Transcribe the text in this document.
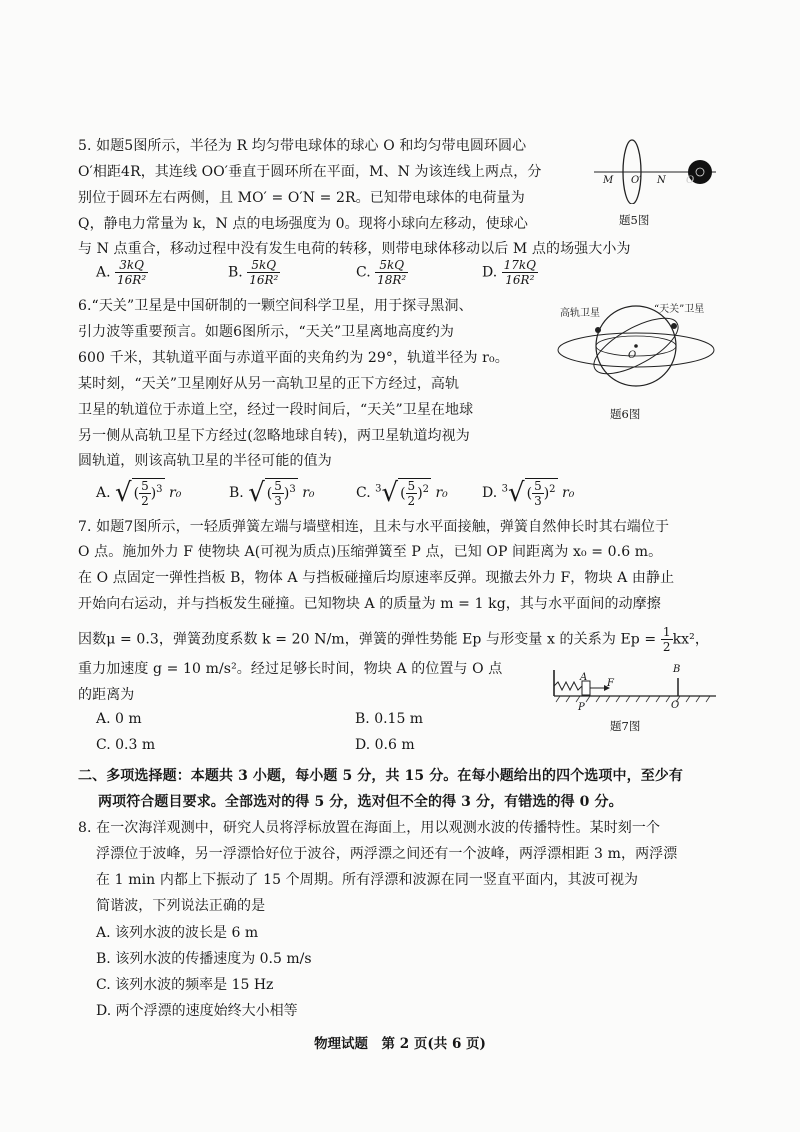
5. 如题5图所示，半径为 R 均匀带电球体的球心 O 和均匀带电圆环圆心
O′相距4R，其连线 OO′垂直于圆环所在平面，M、N 为该连线上两点，分
别位于圆环左右两侧，且 MO′ = O′N = 2R。已知带电球体的电荷量为
Q，静电力常量为 k，N 点的电场强度为 0。现将小球向左移动，使球心
与 N 点重合，移动过程中没有发生电荷的转移，则带电球体移动以后 M 点的场强大小为
A. $\frac{3kQ}{\text{16R²}}$	B. $\frac{5kQ}{\text{16R²}}$	C. $\frac{5kQ}{\text{18R²}}$	D. $\frac{17kQ}{\text{16R²}}$
M O′ N O
题5图
6.“天关”卫星是中国研制的一颗空间科学卫星，用于探寻黑洞、
引力波等重要预言。如题6图所示，“天关”卫星离地高度约为
600 千米，其轨道平面与赤道平面的夹角约为 29°，轨道半径为 r₀。
某时刻，“天关”卫星刚好从另一高轨卫星的正下方经过，高轨
卫星的轨道位于赤道上空，经过一段时间后，“天关”卫星在地球
另一侧从高轨卫星下方经过(忽略地球自转)，两卫星轨道均视为
圆轨道，则该高轨卫星的半径可能的值为
A. √ ( $\frac{5}{2} )^3$ r₀	B. √ ( $\frac{5}{3} )^3$ r₀	C. $^3$√ ( $\frac{5}{2} )^2$ r₀ D. $^3$√ ( $\frac{5}{3} )^2$ r₀
高轨卫星	“天关”卫星
O
题6图
7. 如题7图所示，一轻质弹簧左端与墙壁相连，且未与水平面接触，弹簧自然伸长时其右端位于
O 点。施加外力 F 使物块 A(可视为质点)压缩弹簧至 P 点，已知 OP 间距离为 x₀ = 0.6 m。
在 O 点固定一弹性挡板 B，物体 A 与挡板碰撞后均原速率反弹。现撤去外力 F，物块 A 由静止
开始向右运动，并与挡板发生碰撞。已知物块 A 的质量为 m = 1 kg，其与水平面间的动摩擦
因数μ = 0.3，弹簧劲度系数 k = 20 N/m，弹簧的弹性势能 Ep 与形变量 x 的关系为 $Ep = \frac{1}{2} kx^2$，
重力加速度 g = 10 m/s²。经过足够长时间，物块 A 的位置与 O 点
的距离为
A. 0 m	B. 0.15 m
C. 0.3 m	D. 0.6 m
A
F
P	O
B
题7图
二、多项选择题：本题共 3 小题，每小题 5 分，共 15 分。在每小题给出的四个选项中，至少有
两项符合题目要求。全部选对的得 5 分，选对但不全的得 3 分，有错选的得 0 分。
8. 在一次海洋观测中，研究人员将浮标放置在海面上，用以观测水波的传播特性。某时刻一个
浮漂位于波峰，另一浮漂恰好位于波谷，两浮漂之间还有一个波峰，两浮漂相距 3 m，两浮漂
在 1 min 内都上下振动了 15 个周期。所有浮漂和波源在同一竖直平面内，其波可视为
简谐波，下列说法正确的是
A. 该列水波的波长是 6 m
B. 该列水波的传播速度为 0.5 m/s
C. 该列水波的频率是 15 Hz
D. 两个浮漂的速度始终大小相等
物理试题　第 2 页(共 6 页)
